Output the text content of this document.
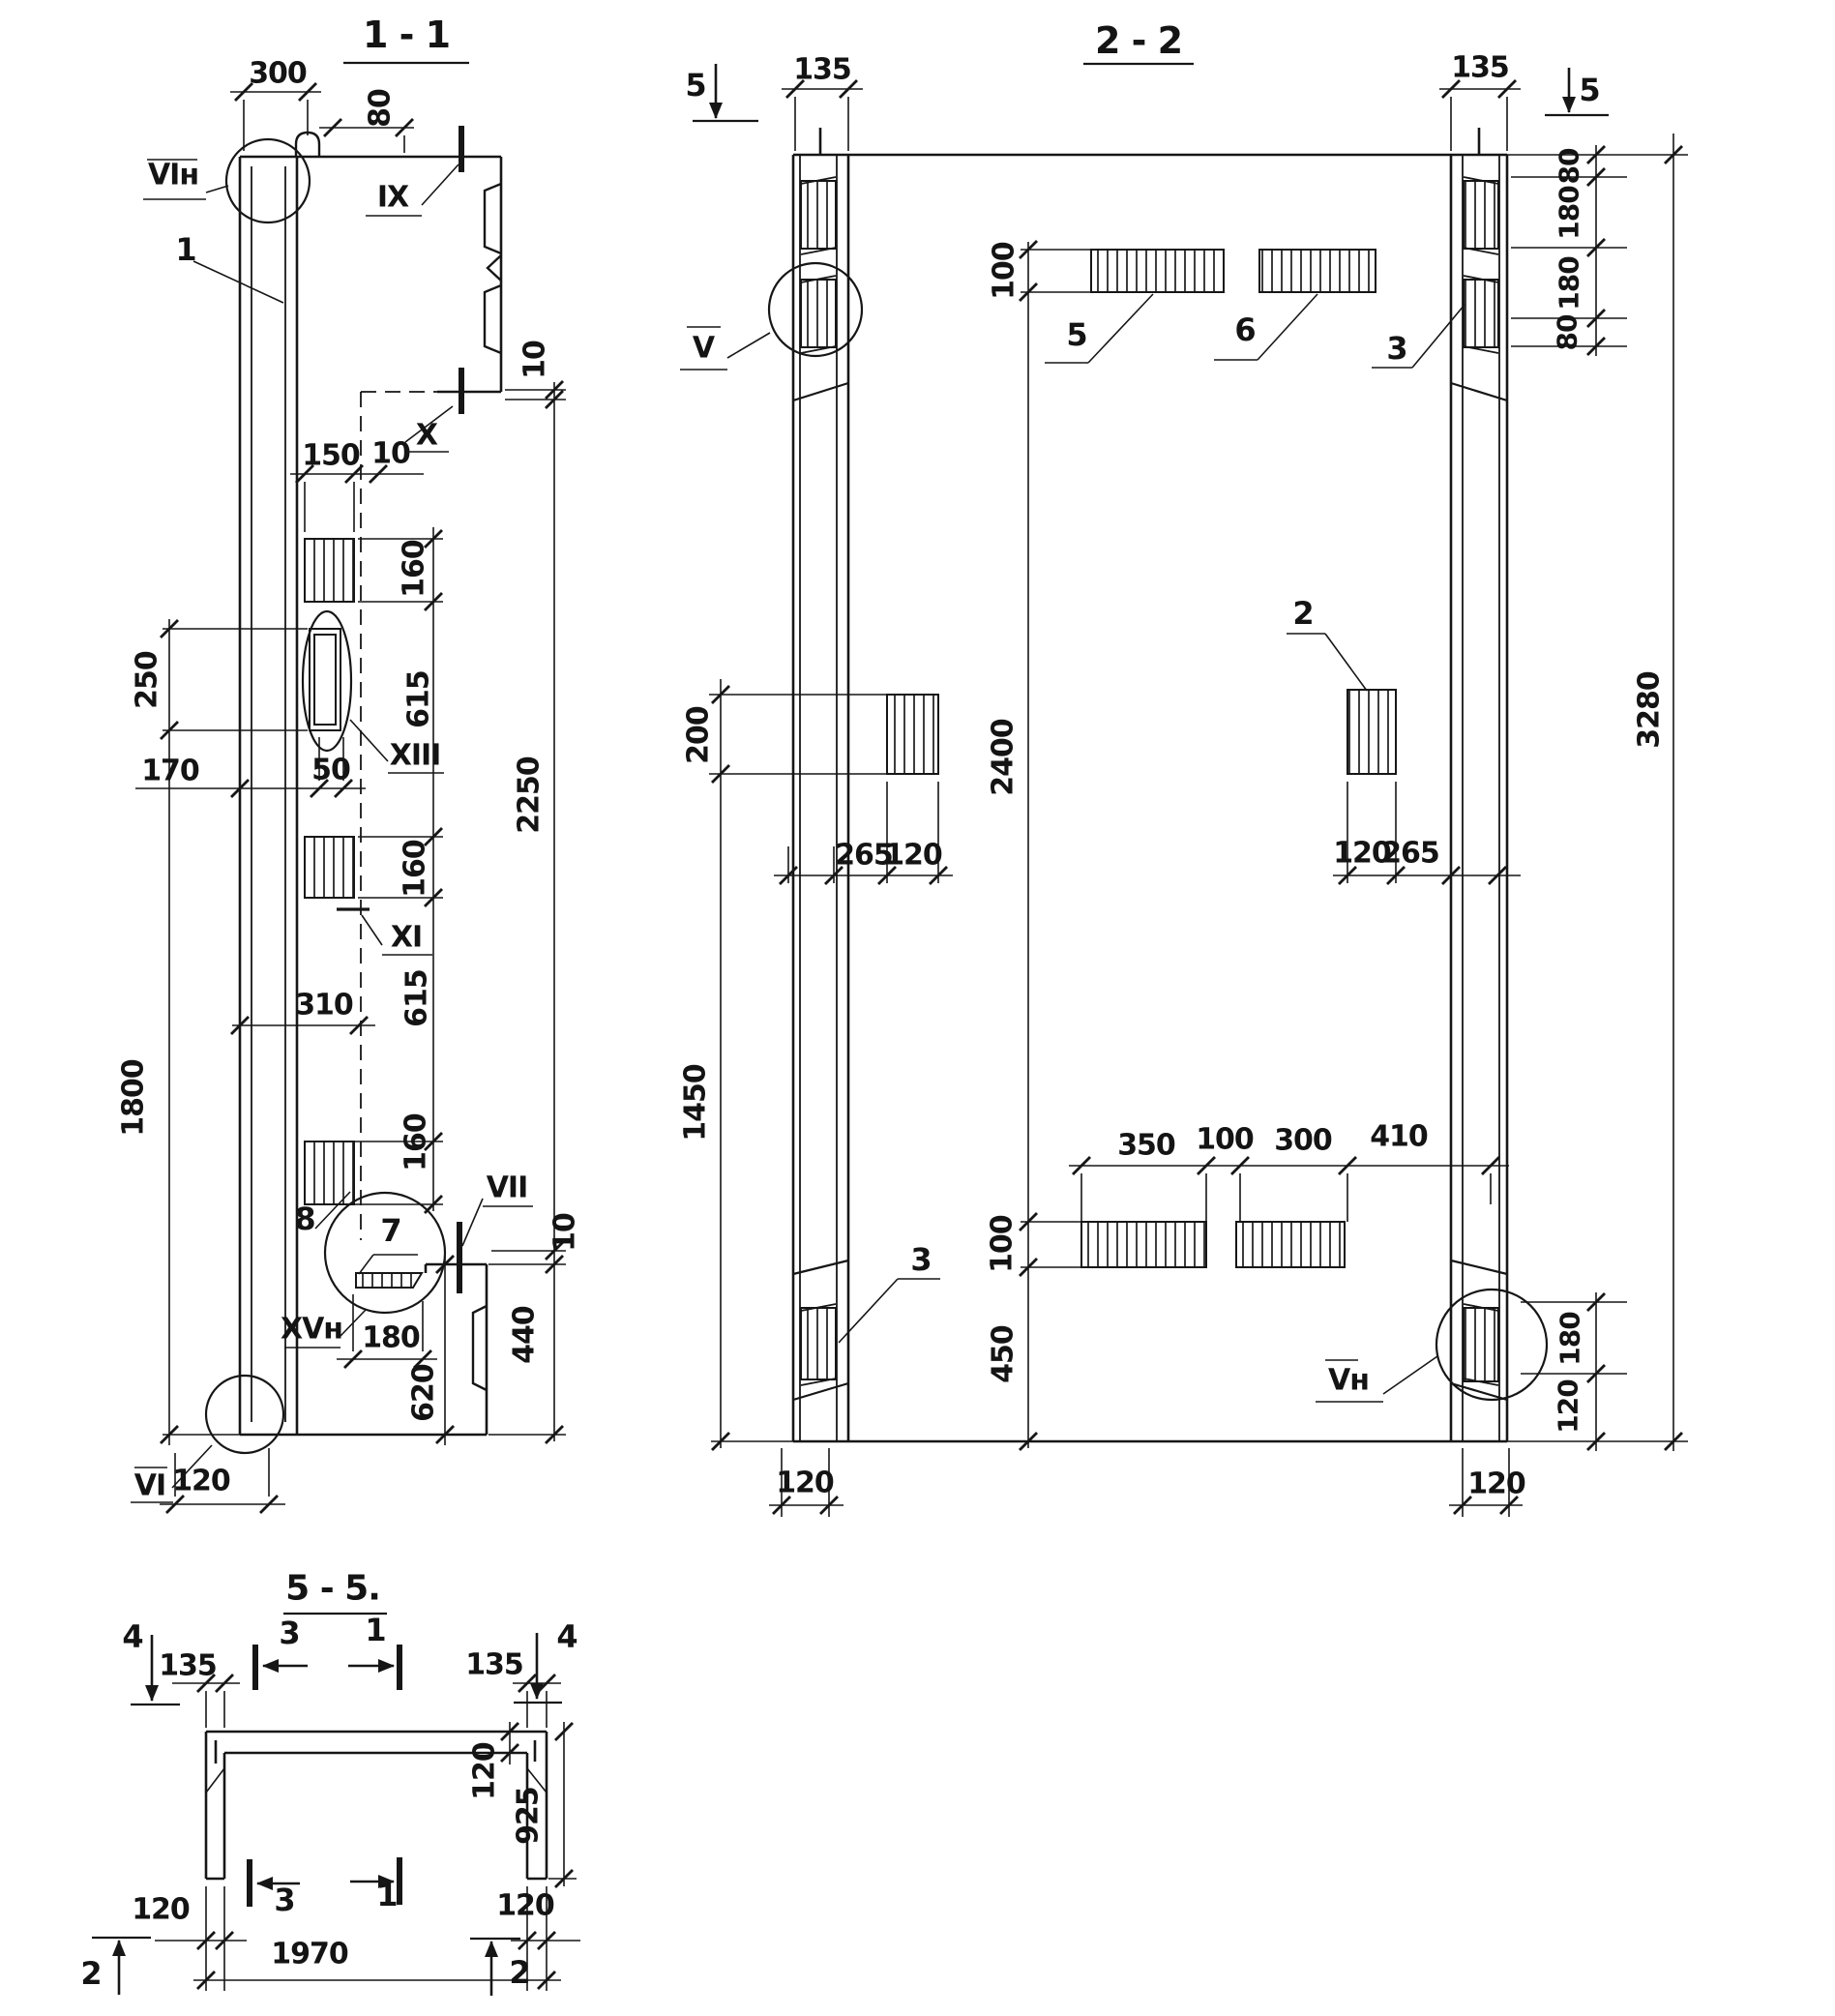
1 - 1
300
80
10
150 10
160
615
160
615
160
2250
250
170	50
310
1800
10
440
180
620
120
VIн
1
IX
X
XIII
XI
VII
7
XVн
8
VI
2 - 2
135	135
100
2400
100
450
200
1450
265
120	120
265
350 100 300 410
80
180
180
80
3280
180
120
120	120
V
Vн
2
3
3
5	6
5	5
5 - 5.
135	135
120
925
120	120
1970
4	4
3 1
3	1
2	2
